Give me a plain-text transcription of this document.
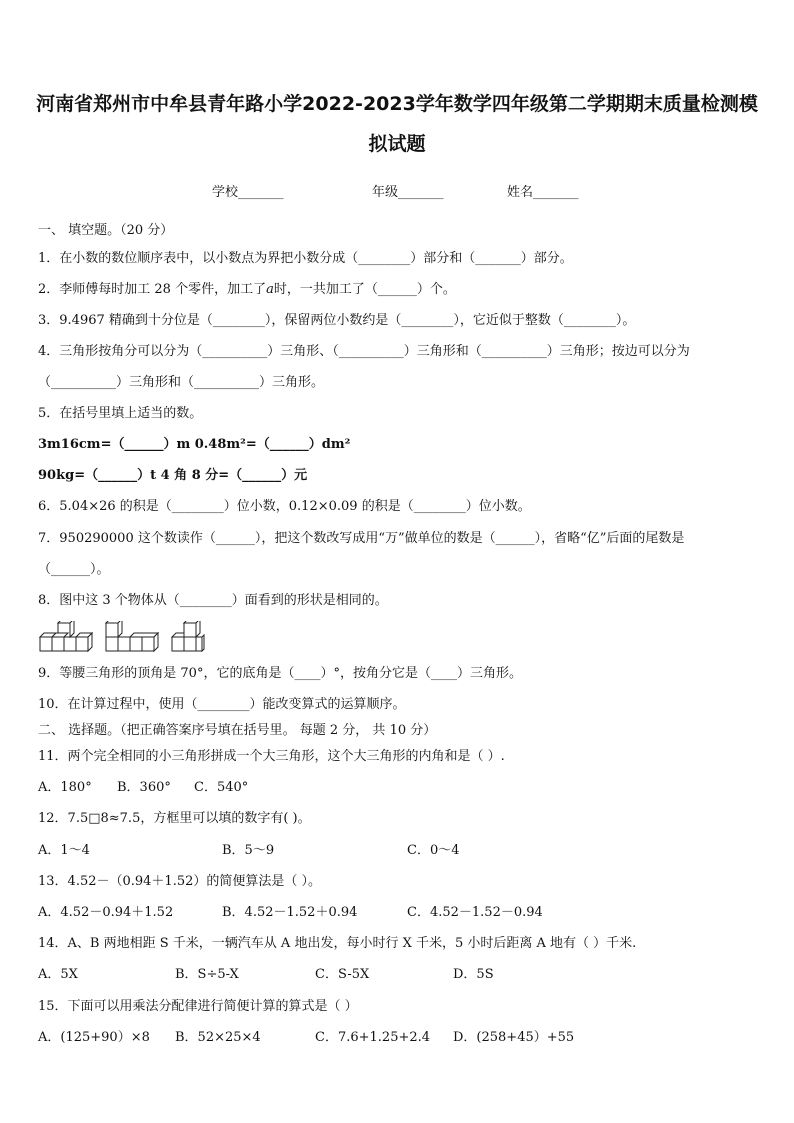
河南省郑州市中牟县青年路小学2022-2023学年数学四年级第二学期期末质量检测模
拟试题
学校_______	年级_______	姓名_______
一、 填空题。（20 分）
1．在小数的数位顺序表中，以小数点为界把小数分成（________）部分和（_______）部分。
2．李师傅每时加工 28 个零件，加工了𝑎时，一共加工了（______）个。
3．9.4967 精确到十分位是（________），保留两位小数约是（________），它近似于整数（________）。
4．三角形按角分可以分为（__________）三角形、（__________）三角形和（__________）三角形；按边可以分为
（__________）三角形和（__________）三角形。
5．在括号里填上适当的数。
3m16cm=（______）m 0.48m²=（______）dm²
90kg=（______）t 4 角 8 分=（______）元
6．5.04×26 的积是（________）位小数，0.12×0.09 的积是（________）位小数。
7．950290000 这个数读作（______），把这个数改写成用“万”做单位的数是（______），省略“亿”后面的尾数是
（______）。
8．图中这 3 个物体从（________）面看到的形状是相同的。
9．等腰三角形的顶角是 70°，它的底角是（____）°，按角分它是（____）三角形。
10．在计算过程中，使用（________）能改变算式的运算顺序。
二、 选择题。（把正确答案序号填在括号里。 每题 2 分， 共 10 分）
11．两个完全相同的小三角形拼成一个大三角形，这个大三角形的内角和是（ ）.
A．180° B．360° C．540°
12．7.5□8≈7.5，方框里可以填的数字有( )。
A．1～4	B．5～9	C．0～4
13．4.52－（0.94＋1.52）的简便算法是（ ）。
A．4.52－0.94＋1.52	B．4.52－1.52＋0.94	C．4.52－1.52－0.94
14．A、B 两地相距 S 千米，一辆汽车从 A 地出发，每小时行 X 千米，5 小时后距离 A 地有（ ）千米.
A．5X	B．S÷5-X	C．S-5X	D．5S
15．下面可以用乘法分配律进行简便计算的算式是（ ）
A．(125+90）×8 B．52×25×4	C．7.6+1.25+2.4 D．(258+45）+55
